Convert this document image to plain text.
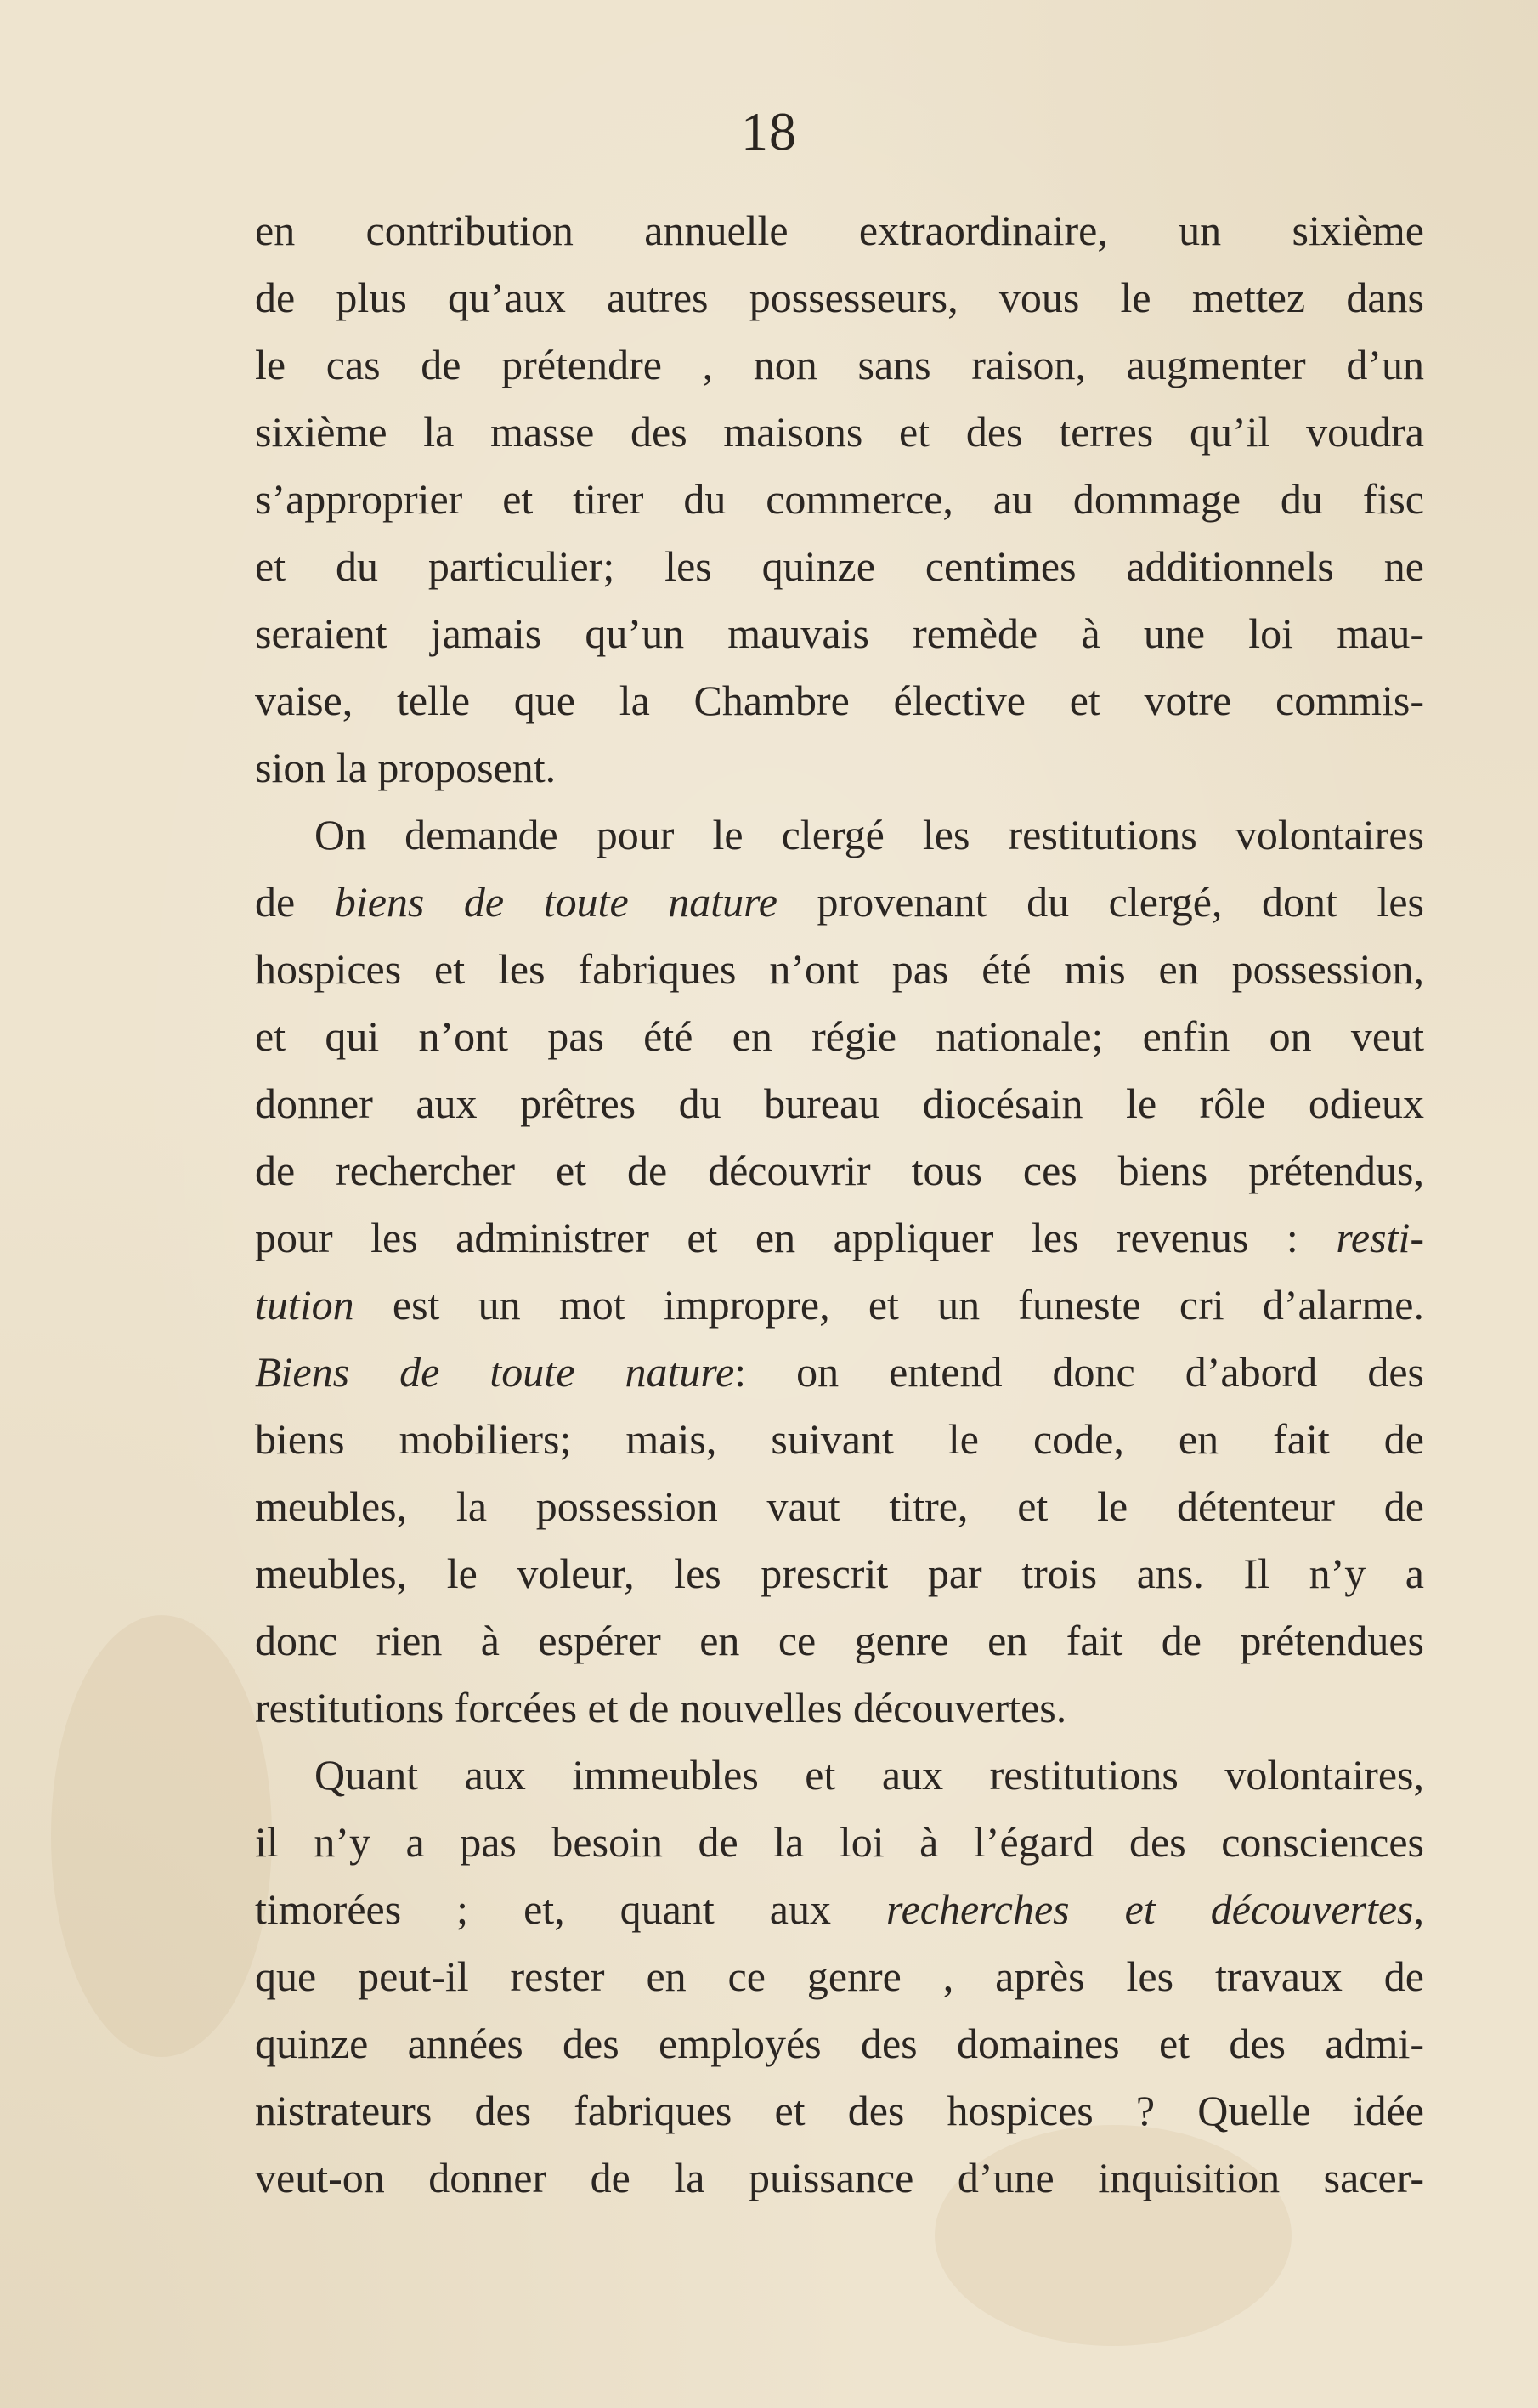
18
en contribution annuelle extraordinaire, un sixième
de plus qu’aux autres possesseurs, vous le mettez dans
le cas de prétendre , non sans raison, augmenter d’un
sixième la masse des maisons et des terres qu’il voudra
s’approprier et tirer du commerce, au dommage du fisc
et du particulier; les quinze centimes additionnels ne
seraient jamais qu’un mauvais remède à une loi mau-
vaise, telle que la Chambre élective et votre commis-
sion la proposent.
On demande pour le clergé les restitutions volontaires
de biens de toute nature provenant du clergé, dont les
hospices et les fabriques n’ont pas été mis en possession,
et qui n’ont pas été en régie nationale; enfin on veut
donner aux prêtres du bureau diocésain le rôle odieux
de rechercher et de découvrir tous ces biens prétendus,
pour les administrer et en appliquer les revenus : resti-
tution est un mot impropre, et un funeste cri d’alarme.
Biens de toute nature: on entend donc d’abord des
biens mobiliers; mais, suivant le code, en fait de
meubles, la possession vaut titre, et le détenteur de
meubles, le voleur, les prescrit par trois ans. Il n’y a
donc rien à espérer en ce genre en fait de prétendues
restitutions forcées et de nouvelles découvertes.
Quant aux immeubles et aux restitutions volontaires,
il n’y a pas besoin de la loi à l’égard des consciences
timorées ; et, quant aux recherches et découvertes,
que peut-il rester en ce genre , après les travaux de
quinze années des employés des domaines et des admi-
nistrateurs des fabriques et des hospices ? Quelle idée
veut-on donner de la puissance d’une inquisition sacer-
